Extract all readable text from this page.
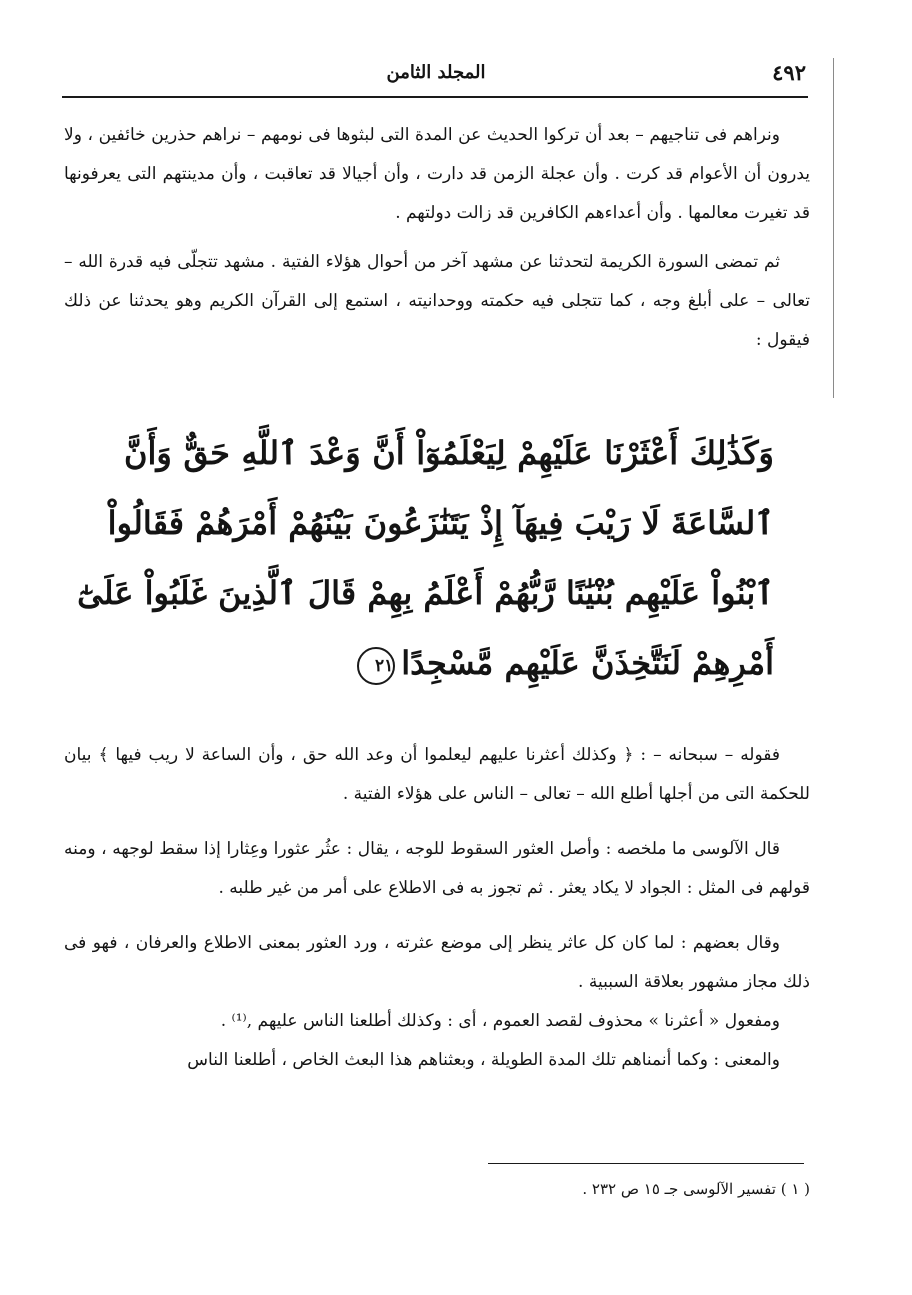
٤٩٢
المجلد الثامن

ونراهم فى تناجيهم – بعد أن تركوا الحديث عن المدة التى لبثوها فى نومهم – نراهم حذرين خائفين ، ولا يدرون أن الأعوام قد كرت . وأن عجلة الزمن قد دارت ، وأن أجيالا قد تعاقبت ، وأن مدينتهم التى يعرفونها قد تغيرت معالمها . وأن أعداءهم الكافرين قد زالت دولتهم .

ثم تمضى السورة الكريمة لتحدثنا عن مشهد آخر من أحوال هؤلاء الفتية . مشهد تتجلّى فيه قدرة الله – تعالى – على أبلغ وجه ، كما تتجلى فيه حكمته ووحدانيته ، استمع إلى القرآن الكريم وهو يحدثنا عن ذلك فيقول :

وَكَذَٰلِكَ أَعْثَرْنَا عَلَيْهِمْ لِيَعْلَمُوٓاْ أَنَّ وَعْدَ ٱللَّهِ حَقٌّ وَأَنَّ
ٱلسَّاعَةَ لَا رَيْبَ فِيهَآ إِذْ يَتَنَٰزَعُونَ بَيْنَهُمْ أَمْرَهُمْ فَقَالُواْ
ٱبْنُواْ عَلَيْهِم بُنْيَٰنًا رَّبُّهُمْ أَعْلَمُ بِهِمْ قَالَ ٱلَّذِينَ غَلَبُواْ عَلَىٰٓ
أَمْرِهِمْ لَنَتَّخِذَنَّ عَلَيْهِم مَّسْجِدًا٢١

فقوله – سبحانه – : ﴿ وكذلك أعثرنا عليهم ليعلموا أن وعد الله حق ، وأن الساعة لا ريب فيها ﴾ بيان للحكمة التى من أجلها أطلع الله – تعالى – الناس على هؤلاء الفتية .

قال الآلوسى ما ملخصه : وأصل العثور السقوط للوجه ، يقال : عثُر عثورا وعِثارا إذا سقط لوجهه ، ومنه قولهم فى المثل : الجواد لا يكاد يعثر . ثم تجوز به فى الاطلاع على أمر من غير طلبه .

وقال بعضهم : لما كان كل عاثر ينظر إلى موضع عثرته ، ورد العثور بمعنى الاطلاع والعرفان ، فهو فى ذلك مجاز مشهور بعلاقة السببية .

ومفعول « أعثرنا » محذوف لقصد العموم ، أى : وكذلك أطلعنا الناس عليهم ,⁽¹⁾ .

والمعنى : وكما أنمناهم تلك المدة الطويلة ، وبعثناهم هذا البعث الخاص ، أطلعنا الناس

( ١ ) تفسير الآلوسى جـ ١٥ ص ٢٣٢ .
